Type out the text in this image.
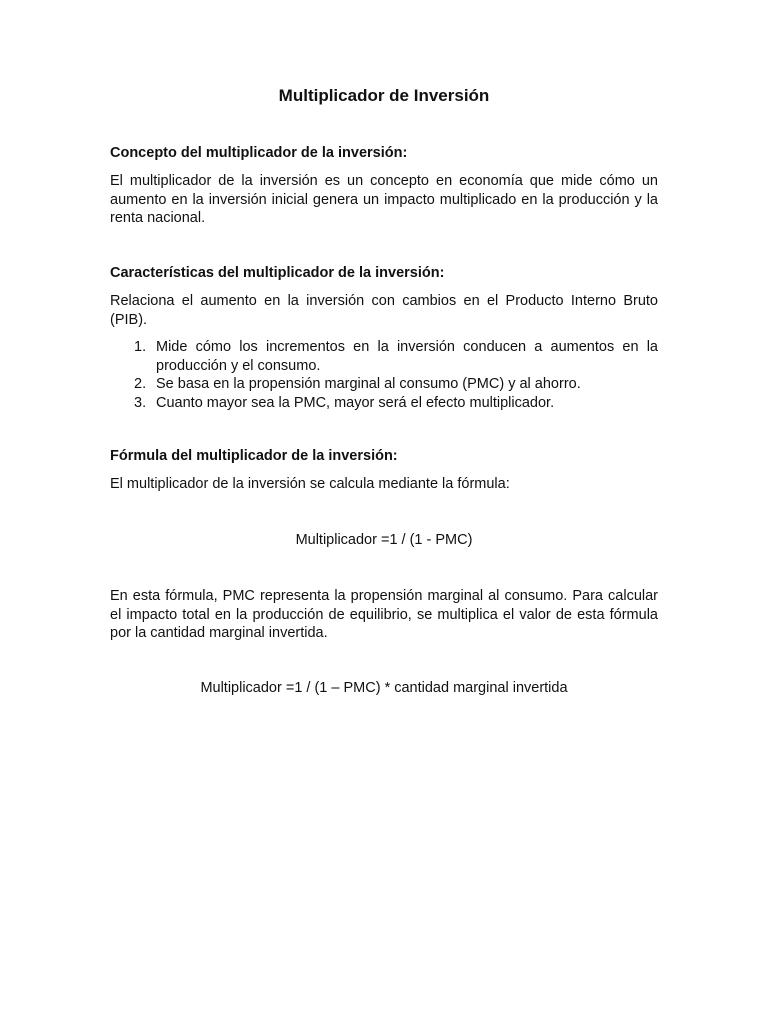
Multiplicador de Inversión
Concepto del multiplicador de la inversión:

El multiplicador de la inversión es un concepto en economía que mide cómo un aumento en la inversión inicial genera un impacto multiplicado en la producción y la renta nacional.

Características del multiplicador de la inversión:

Relaciona el aumento en la inversión con cambios en el Producto Interno Bruto (PIB).

1. Mide cómo los incrementos en la inversión conducen a aumentos en la producción y el consumo.
2. Se basa en la propensión marginal al consumo (PMC) y al ahorro.
3. Cuanto mayor sea la PMC, mayor será el efecto multiplicador.
Fórmula del multiplicador de la inversión:

El multiplicador de la inversión se calcula mediante la fórmula:

Multiplicador =1 / (1 - PMC)

En esta fórmula, PMC representa la propensión marginal al consumo. Para calcular el impacto total en la producción de equilibrio, se multiplica el valor de esta fórmula por la cantidad marginal invertida.

Multiplicador =1 / (1 – PMC) * cantidad marginal invertida
